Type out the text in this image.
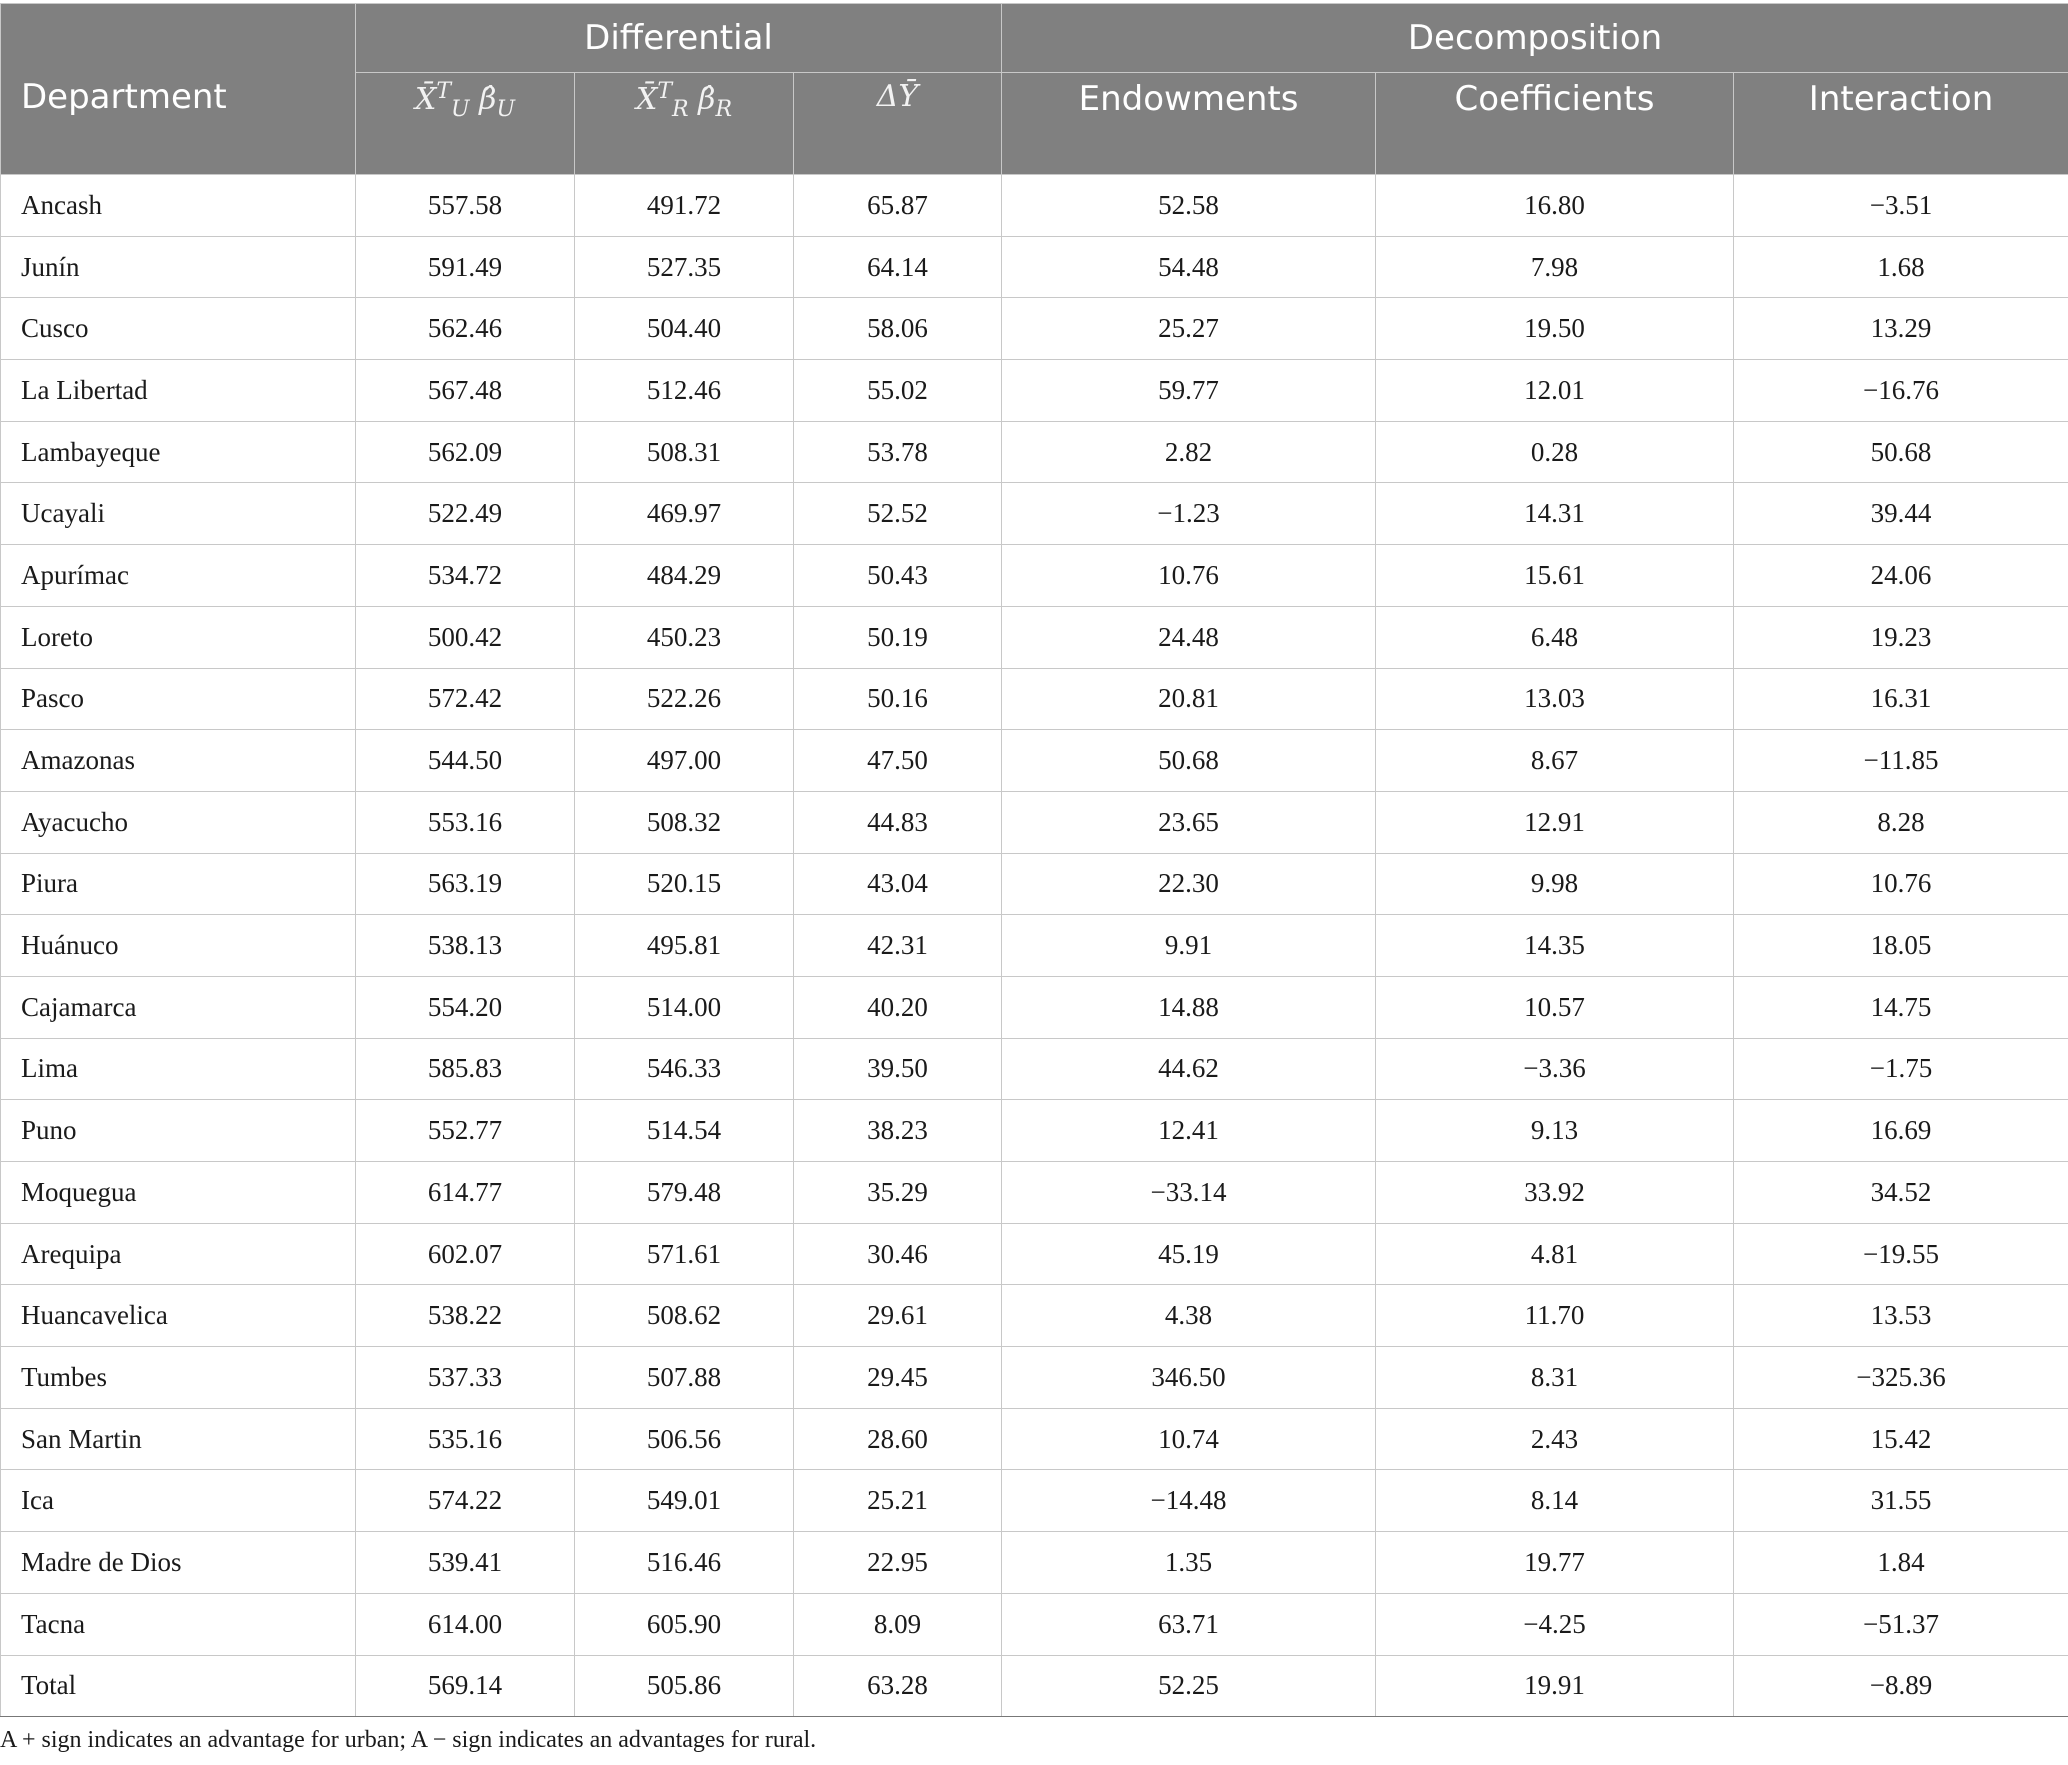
Department	Differential			Decomposition		
	X̄$^T_U$ $\betâ_U$	X̄$^T_R$ $\betâ_R$	ΔȲ	Endowments	Coefficients	Interaction
Ancash	557.58	491.72	65.87	52.58	16.80	−3.51
Junín	591.49	527.35	64.14	54.48	7.98	1.68
Cusco	562.46	504.40	58.06	25.27	19.50	13.29
La Libertad	567.48	512.46	55.02	59.77	12.01	−16.76
Lambayeque	562.09	508.31	53.78	2.82	0.28	50.68
Ucayali	522.49	469.97	52.52	−1.23	14.31	39.44
Apurímac	534.72	484.29	50.43	10.76	15.61	24.06
Loreto	500.42	450.23	50.19	24.48	6.48	19.23
Pasco	572.42	522.26	50.16	20.81	13.03	16.31
Amazonas	544.50	497.00	47.50	50.68	8.67	−11.85
Ayacucho	553.16	508.32	44.83	23.65	12.91	8.28
Piura	563.19	520.15	43.04	22.30	9.98	10.76
Huánuco	538.13	495.81	42.31	9.91	14.35	18.05
Cajamarca	554.20	514.00	40.20	14.88	10.57	14.75
Lima	585.83	546.33	39.50	44.62	−3.36	−1.75
Puno	552.77	514.54	38.23	12.41	9.13	16.69
Moquegua	614.77	579.48	35.29	−33.14	33.92	34.52
Arequipa	602.07	571.61	30.46	45.19	4.81	−19.55
Huancavelica	538.22	508.62	29.61	4.38	11.70	13.53
Tumbes	537.33	507.88	29.45	346.50	8.31	−325.36
San Martin	535.16	506.56	28.60	10.74	2.43	15.42
Ica	574.22	549.01	25.21	−14.48	8.14	31.55
Madre de Dios	539.41	516.46	22.95	1.35	19.77	1.84
Tacna	614.00	605.90	8.09	63.71	−4.25	−51.37
Total	569.14	505.86	63.28	52.25	19.91	−8.89
A + sign indicates an advantage for urban; A − sign indicates an advantages for rural.
